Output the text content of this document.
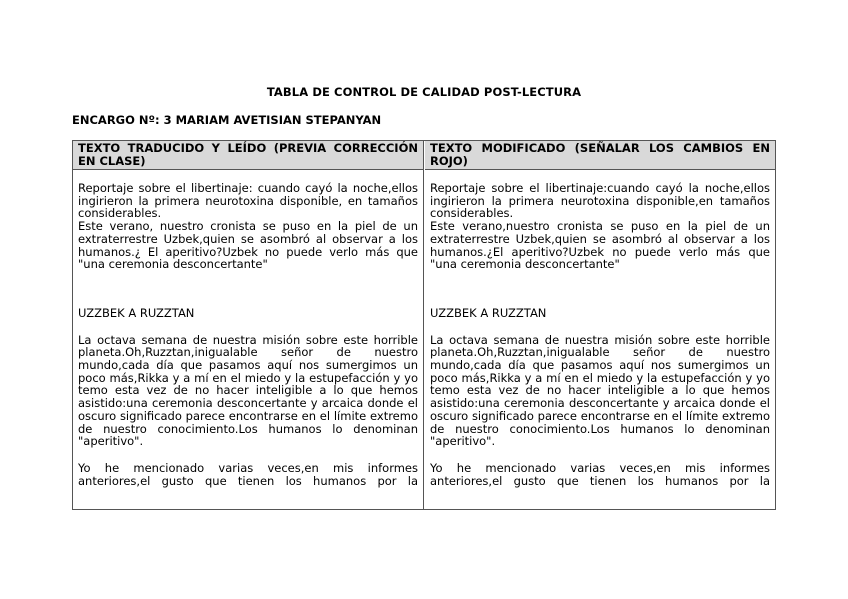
TABLA DE CONTROL DE CALIDAD POST-LECTURA
ENCARGO Nº: 3 MARIAM AVETISIAN STEPANYAN
TEXTO TRADUCIDO Y LEÍDO (PREVIA CORRECCIÓN EN CLASE)

Reportaje sobre el libertinaje: cuando cayó la noche,ellos ingirieron la primera neurotoxina disponible, en tamaños considerables.

Este verano, nuestro cronista se puso en la piel de un extraterrestre Uzbek,quien se asombró al observar a los humanos.¿ El aperitivo?Uzbek no puede verlo más que "una ceremonia desconcertante"

UZZBEK A RUZZTAN

La octava semana de nuestra misión sobre este horrible planeta.Oh,Ruzztan,inigualable señor de nuestro mundo,cada día que pasamos aquí nos sumergimos un poco más,Rikka y a mí en el miedo y la estupefacción y yo temo esta vez de no hacer inteligible a lo que hemos asistido:una ceremonia desconcertante y arcaica donde el oscuro significado parece encontrarse en el límite extremo de nuestro conocimiento.Los humanos lo denominan "aperitivo".

Yo he mencionado varias veces,en mis informes anteriores,el gusto que tienen los humanos por la

TEXTO MODIFICADO (SEÑALAR LOS CAMBIOS EN ROJO)

Reportaje sobre el libertinaje:cuando cayó la noche,ellos ingirieron la primera neurotoxina disponible,en tamaños considerables.

Este verano,nuestro cronista se puso en la piel de un extraterrestre Uzbek,quien se asombró al observar a los humanos.¿El aperitivo?Uzbek no puede verlo más que "una ceremonia desconcertante"

UZZBEK A RUZZTAN

La octava semana de nuestra misión sobre este horrible planeta.Oh,Ruzztan,inigualable señor de nuestro mundo,cada día que pasamos aquí nos sumergimos un poco más,Rikka y a mí en el miedo y la estupefacción y yo temo esta vez de no hacer inteligible a lo que hemos asistido:una ceremonia desconcertante y arcaica donde el oscuro significado parece encontrarse en el límite extremo de nuestro conocimiento.Los humanos lo denominan "aperitivo".

Yo he mencionado varias veces,en mis informes anteriores,el gusto que tienen los humanos por la
